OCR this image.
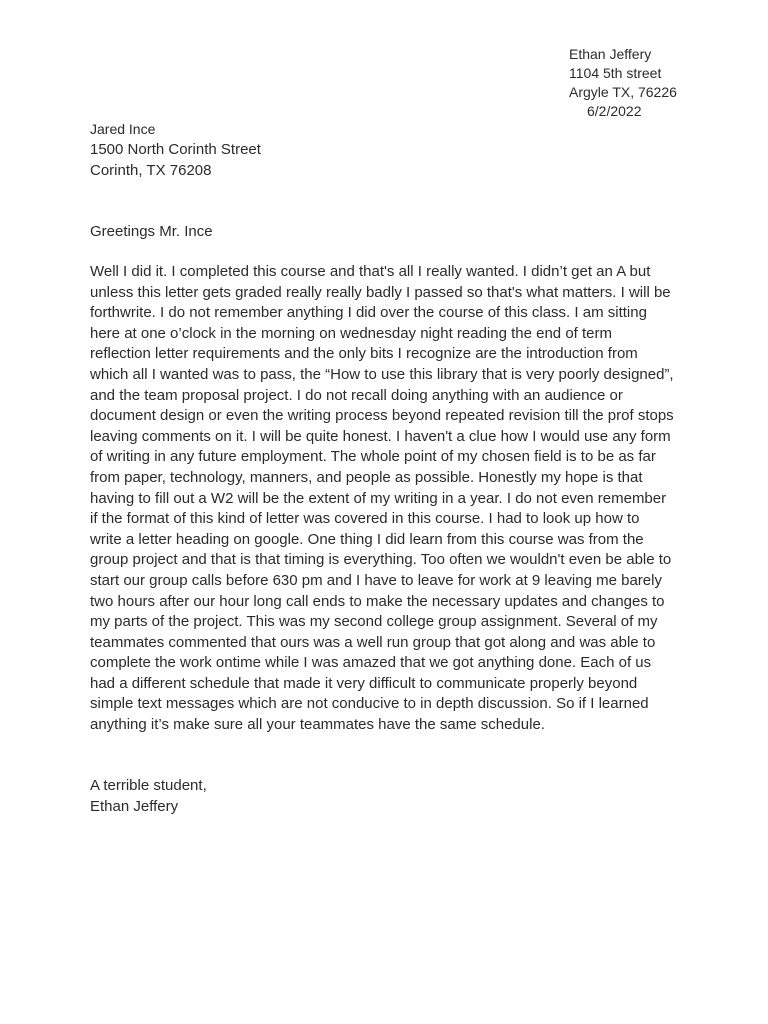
Ethan Jeffery
1104 5th street
Argyle TX, 76226
6/2/2022
Jared Ince
1500 North Corinth Street
Corinth, TX 76208
Greetings Mr. Ince
Well I did it. I completed this course and that's all I really wanted. I didn’t get an A but
unless this letter gets graded really really badly I passed so that's what matters. I will be
forthwrite. I do not remember anything I did over the course of this class. I am sitting
here at one o’clock in the morning on wednesday night reading the end of term
reflection letter requirements and the only bits I recognize are the introduction from
which all I wanted was to pass, the “How to use this library that is very poorly designed”,
and the team proposal project. I do not recall doing anything with an audience or
document design or even the writing process beyond repeated revision till the prof stops
leaving comments on it. I will be quite honest. I haven't a clue how I would use any form
of writing in any future employment. The whole point of my chosen field is to be as far
from paper, technology, manners, and people as possible. Honestly my hope is that
having to fill out a W2 will be the extent of my writing in a year. I do not even remember
if the format of this kind of letter was covered in this course. I had to look up how to
write a letter heading on google. One thing I did learn from this course was from the
group project and that is that timing is everything. Too often we wouldn't even be able to
start our group calls before 630 pm and I have to leave for work at 9 leaving me barely
two hours after our hour long call ends to make the necessary updates and changes to
my parts of the project. This was my second college group assignment. Several of my
teammates commented that ours was a well run group that got along and was able to
complete the work ontime while I was amazed that we got anything done. Each of us
had a different schedule that made it very difficult to communicate properly beyond
simple text messages which are not conducive to in depth discussion. So if I learned
anything it’s make sure all your teammates have the same schedule.
A terrible student,
Ethan Jeffery
